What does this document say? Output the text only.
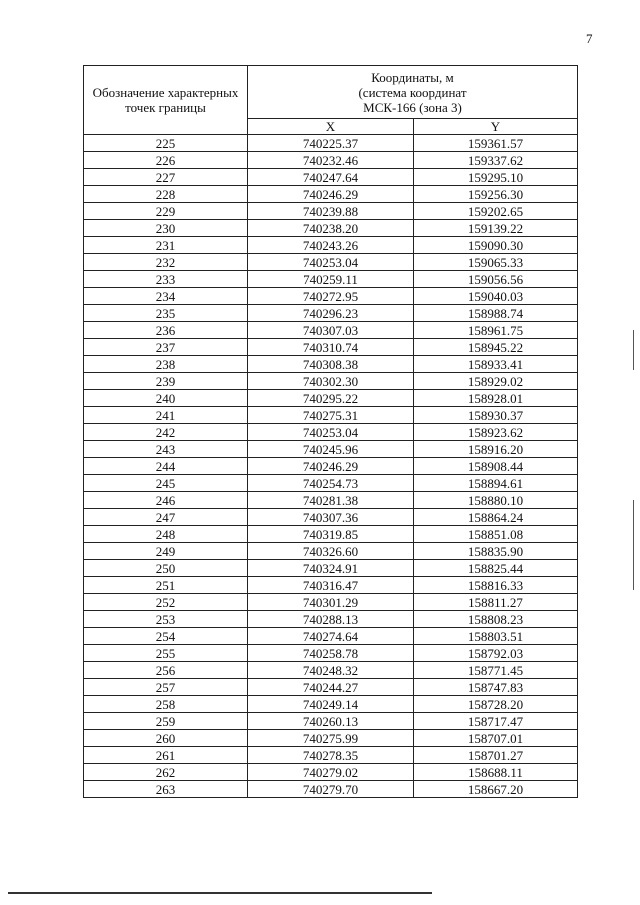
7
Обозначение характерных точек границы	Координаты, м
(система координат
МСК-166 (зона 3)	

	X	Y
225	740225.37	159361.57
226	740232.46	159337.62
227	740247.64	159295.10
228	740246.29	159256.30
229	740239.88	159202.65
230	740238.20	159139.22
231	740243.26	159090.30
232	740253.04	159065.33
233	740259.11	159056.56
234	740272.95	159040.03
235	740296.23	158988.74
236	740307.03	158961.75
237	740310.74	158945.22
238	740308.38	158933.41
239	740302.30	158929.02
240	740295.22	158928.01
241	740275.31	158930.37
242	740253.04	158923.62
243	740245.96	158916.20
244	740246.29	158908.44
245	740254.73	158894.61
246	740281.38	158880.10
247	740307.36	158864.24
248	740319.85	158851.08
249	740326.60	158835.90
250	740324.91	158825.44
251	740316.47	158816.33
252	740301.29	158811.27
253	740288.13	158808.23
254	740274.64	158803.51
255	740258.78	158792.03
256	740248.32	158771.45
257	740244.27	158747.83
258	740249.14	158728.20
259	740260.13	158717.47
260	740275.99	158707.01
261	740278.35	158701.27
262	740279.02	158688.11
263	740279.70	158667.20
